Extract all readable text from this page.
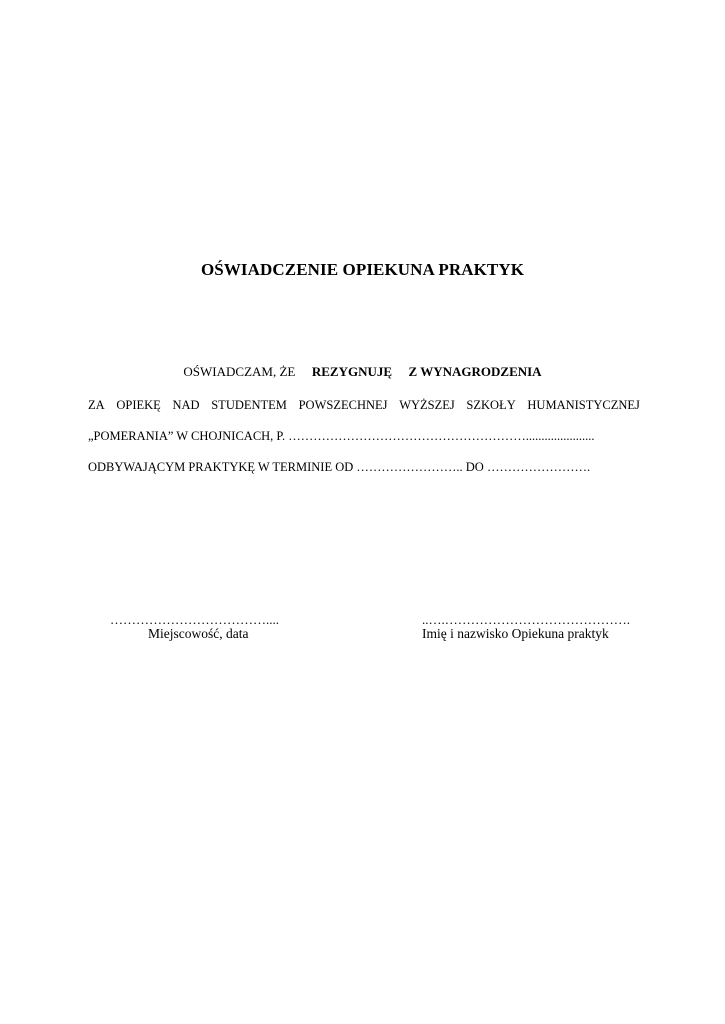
OŚWIADCZENIE OPIEKUNA PRAKTYK
OŚWIADCZAM, ŻE REZYGNUJĘ Z WYNAGRODZENIA
ZA OPIEKĘ NAD STUDENTEM POWSZECHNEJ WYŻSZEJ SZKOŁY HUMANISTYCZNEJ
„POMERANIA” W CHOJNICACH, P. …………………………………………………......................
ODBYWAJĄCYM PRAKTYKĘ W TERMINIE OD …………………….. DO …………………….
………………………………....
Miejscowość, data
..….…………………………………….
Imię i nazwisko Opiekuna praktyk
